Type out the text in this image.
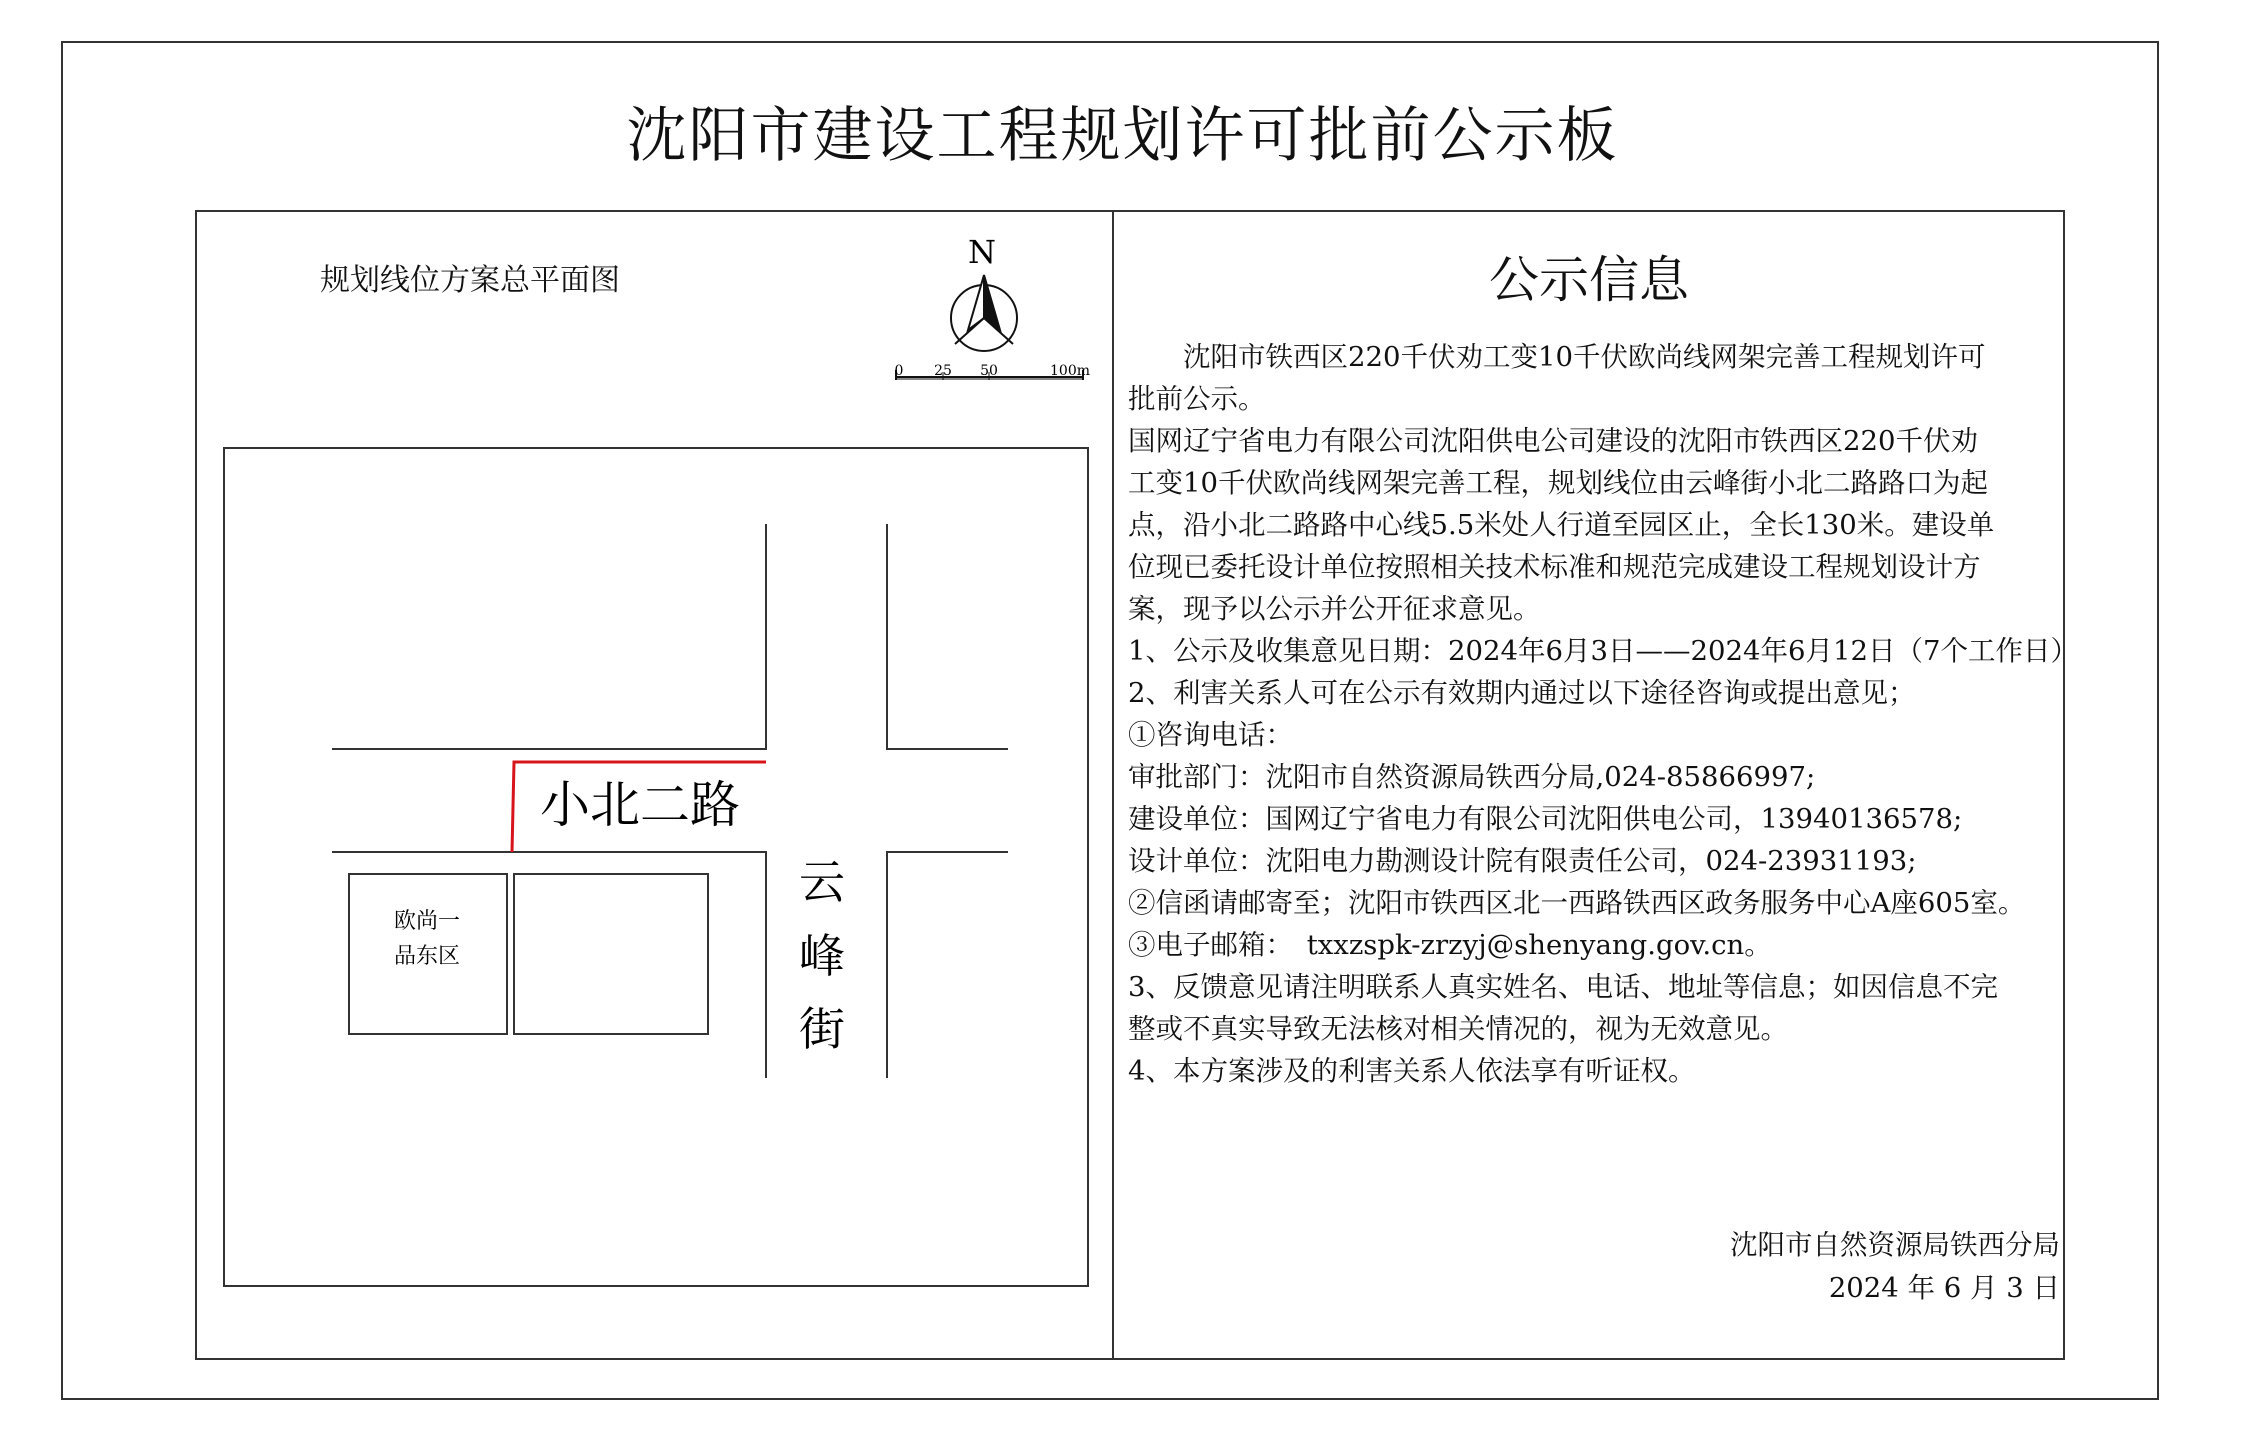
沈阳市建设工程规划许可批前公示板
规划线位方案总平面图
N
0 25 50	100m
欧尚一
品东区
小北二路
云
峰
街
公示信息
　　沈阳市铁西区220千伏劝工变10千伏欧尚线网架完善工程规划许可
批前公示。
国网辽宁省电力有限公司沈阳供电公司建设的沈阳市铁西区220千伏劝
工变10千伏欧尚线网架完善工程，规划线位由云峰街小北二路路口为起
点，沿小北二路路中心线5.5米处人行道至园区止，全长130米。建设单
位现已委托设计单位按照相关技术标准和规范完成建设工程规划设计方
案，现予以公示并公开征求意见。
1、公示及收集意见日期：2024年6月3日——2024年6月12日（7个工作日）
2、利害关系人可在公示有效期内通过以下途径咨询或提出意见；
①咨询电话：
审批部门：沈阳市自然资源局铁西分局,024-85866997;
建设单位：国网辽宁省电力有限公司沈阳供电公司，13940136578;
设计单位：沈阳电力勘测设计院有限责任公司，024-23931193;
②信函请邮寄至；沈阳市铁西区北一西路铁西区政务服务中心A座605室。
③电子邮箱：　txxzspk-zrzyj@shenyang.gov.cn。
3、反馈意见请注明联系人真实姓名、电话、地址等信息；如因信息不完
整或不真实导致无法核对相关情况的，视为无效意见。
4、本方案涉及的利害关系人依法享有听证权。
沈阳市自然资源局铁西分局
2024 年 6 月 3 日
